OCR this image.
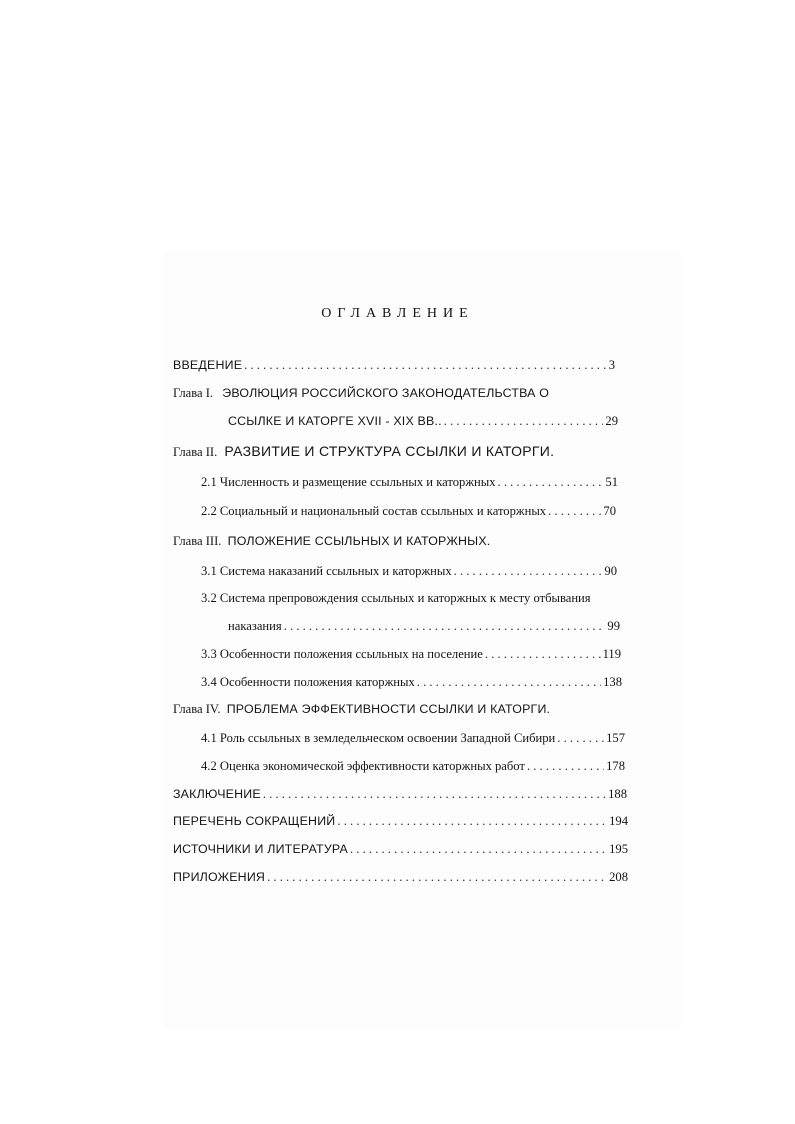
ОГЛАВЛЕНИЕ
ВВЕДЕНИЕ . . .	3
Глава I. ЭВОЛЮЦИЯ РОССИЙСКОГО ЗАКОНОДАТЕЛЬСТВА О
ССЫЛКЕ И КАТОРГЕ XVII - XIX ВВ.. . . .	29
Глава II. РАЗВИТИЕ И СТРУКТУРА ССЫЛКИ И КАТОРГИ.
2.1 Численность и размещение ссыльных и каторжных . . .	51
2.2 Социальный и национальный состав ссыльных и каторжных . . .	70
Глава III. ПОЛОЖЕНИЕ ССЫЛЬНЫХ И КАТОРЖНЫХ.
3.1 Система наказаний ссыльных и каторжных . . .	90
3.2 Система препровождения ссыльных и каторжных к месту отбывания
наказания . . .	99
3.3 Особенности положения ссыльных на поселение . . .	119
3.4 Особенности положения каторжных . . .	138
Глава IV. ПРОБЛЕМА ЭФФЕКТИВНОСТИ ССЫЛКИ И КАТОРГИ.
4.1 Роль ссыльных в земледельческом освоении Западной Сибири . . .	157
4.2 Оценка экономической эффективности каторжных работ . . .	178
ЗАКЛЮЧЕНИЕ . . .	188
ПЕРЕЧЕНЬ СОКРАЩЕНИЙ . . .	194
ИСТОЧНИКИ И ЛИТЕРАТУРА . . .	195
ПРИЛОЖЕНИЯ . . .	208
